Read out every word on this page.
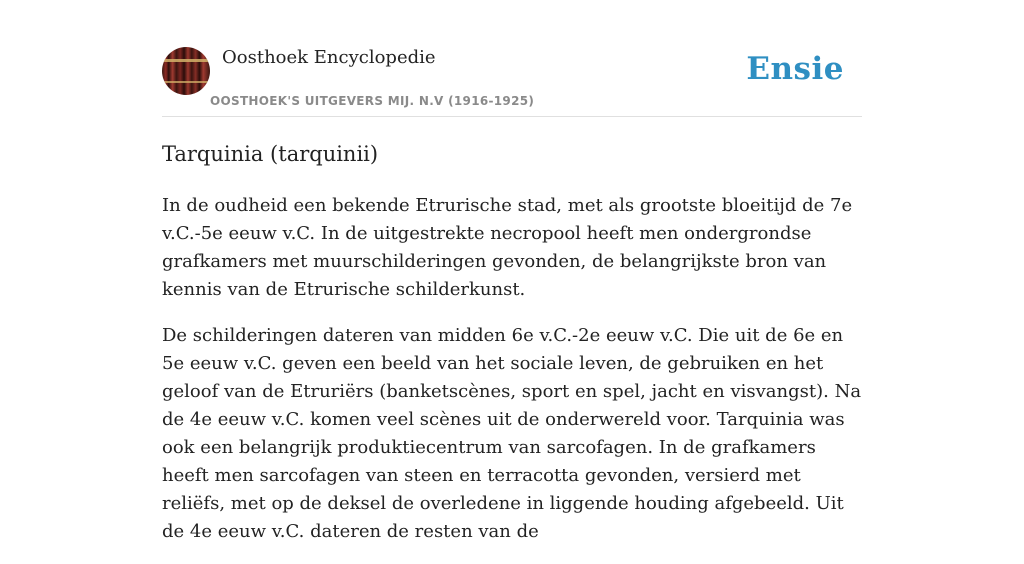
Oosthoek Encyclopedie
OOSTHOEK'S UITGEVERS MIJ. N.V (1916-1925)
Ensie
Tarquinia (tarquinii)

In de oudheid een bekende Etrurische stad, met als grootste bloeitijd de 7e v.C.-5e eeuw v.C. In de uitgestrekte necropool heeft men ondergrondse grafkamers met muurschilderingen gevonden, de belangrijkste bron van kennis van de Etrurische schilderkunst.

De schilderingen dateren van midden 6e v.C.-2e eeuw v.C. Die uit de 6e en 5e eeuw v.C. geven een beeld van het sociale leven, de gebruiken en het geloof van de Etruriërs (banketscènes, sport en spel, jacht en visvangst). Na de 4e eeuw v.C. komen veel scènes uit de onderwereld voor. Tarquinia was ook een belangrijk produktiecentrum van sarcofagen. In de grafkamers heeft men sarcofagen van steen en terracotta gevonden, versierd met reliëfs, met op de deksel de overledene in liggende houding afgebeeld. Uit de 4e eeuw v.C. dateren de resten van de
